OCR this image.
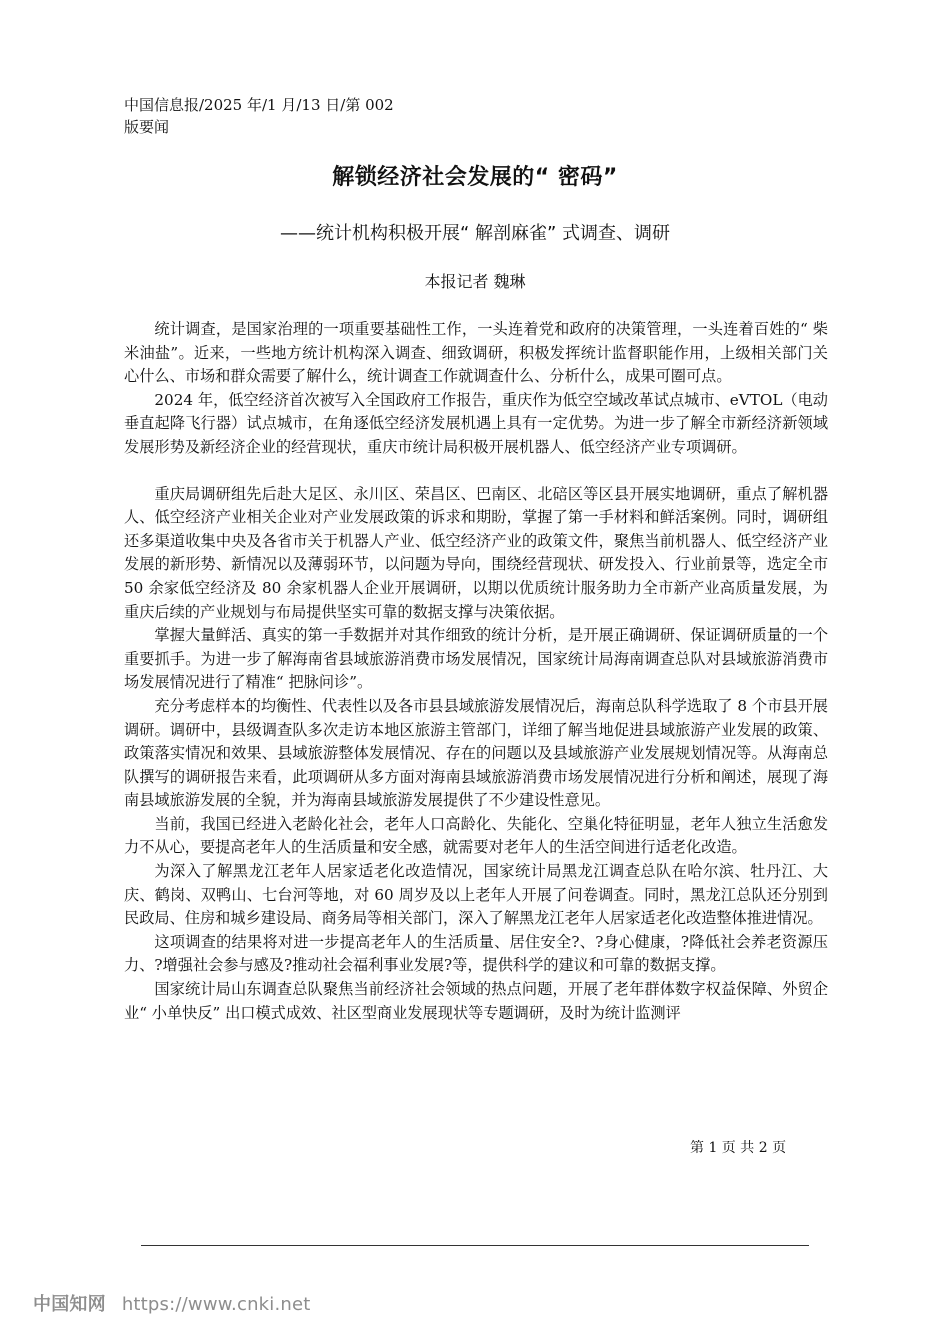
中国信息报/2025 年/1 月/13 日/第 002
版要闻
解锁经济社会发展的“ 密码”
——统计机构积极开展“ 解剖麻雀” 式调查、调研
本报记者 魏琳

统计调查，是国家治理的一项重要基础性工作，一头连着党和政府的决策管理，一头连着百姓的“ 柴米油盐”。近来，一些地方统计机构深入调查、细致调研，积极发挥统计监督职能作用，上级相关部门关心什么、市场和群众需要了解什么，统计调查工作就调查什么、分析什么，成果可圈可点。

2024 年，低空经济首次被写入全国政府工作报告，重庆作为低空空域改革试点城市、eVTOL（电动垂直起降飞行器）试点城市，在角逐低空经济发展机遇上具有一定优势。为进一步了解全市新经济新领域发展形势及新经济企业的经营现状，重庆市统计局积极开展机器人、低空经济产业专项调研。

重庆局调研组先后赴大足区、永川区、荣昌区、巴南区、北碚区等区县开展实地调研，重点了解机器人、低空经济产业相关企业对产业发展政策的诉求和期盼，掌握了第一手材料和鲜活案例。同时，调研组还多渠道收集中央及各省市关于机器人产业、低空经济产业的政策文件，聚焦当前机器人、低空经济产业发展的新形势、新情况以及薄弱环节，以问题为导向，围绕经营现状、研发投入、行业前景等，选定全市 50 余家低空经济及 80 余家机器人企业开展调研，以期以优质统计服务助力全市新产业高质量发展，为重庆后续的产业规划与布局提供坚实可靠的数据支撑与决策依据。

掌握大量鲜活、真实的第一手数据并对其作细致的统计分析，是开展正确调研、保证调研质量的一个重要抓手。为进一步了解海南省县域旅游消费市场发展情况，国家统计局海南调查总队对县域旅游消费市场发展情况进行了精准“ 把脉问诊”。

充分考虑样本的均衡性、代表性以及各市县县域旅游发展情况后，海南总队科学选取了 8 个市县开展调研。调研中，县级调查队多次走访本地区旅游主管部门，详细了解当地促进县域旅游产业发展的政策、政策落实情况和效果、县域旅游整体发展情况、存在的问题以及县域旅游产业发展规划情况等。从海南总队撰写的调研报告来看，此项调研从多方面对海南县域旅游消费市场发展情况进行分析和阐述，展现了海南县域旅游发展的全貌，并为海南县域旅游发展提供了不少建设性意见。

当前，我国已经进入老龄化社会，老年人口高龄化、失能化、空巢化特征明显，老年人独立生活愈发力不从心，要提高老年人的生活质量和安全感，就需要对老年人的生活空间进行适老化改造。

为深入了解黑龙江老年人居家适老化改造情况，国家统计局黑龙江调查总队在哈尔滨、牡丹江、大庆、鹤岗、双鸭山、七台河等地，对 60 周岁及以上老年人开展了问卷调查。同时，黑龙江总队还分别到民政局、住房和城乡建设局、商务局等相关部门，深入了解黑龙江老年人居家适老化改造整体推进情况。

这项调查的结果将对进一步提高老年人的生活质量、居住安全?、?身心健康，?降低社会养老资源压力、?增强社会参与感及?推动社会福利事业发展?等，提供科学的建议和可靠的数据支撑。

国家统计局山东调查总队聚焦当前经济社会领域的热点问题，开展了老年群体数字权益保障、外贸企业“ 小单快反” 出口模式成效、社区型商业发展现状等专题调研，及时为统计监测评

第 1 页 共 2 页
中国知网 https://www.cnki.net
